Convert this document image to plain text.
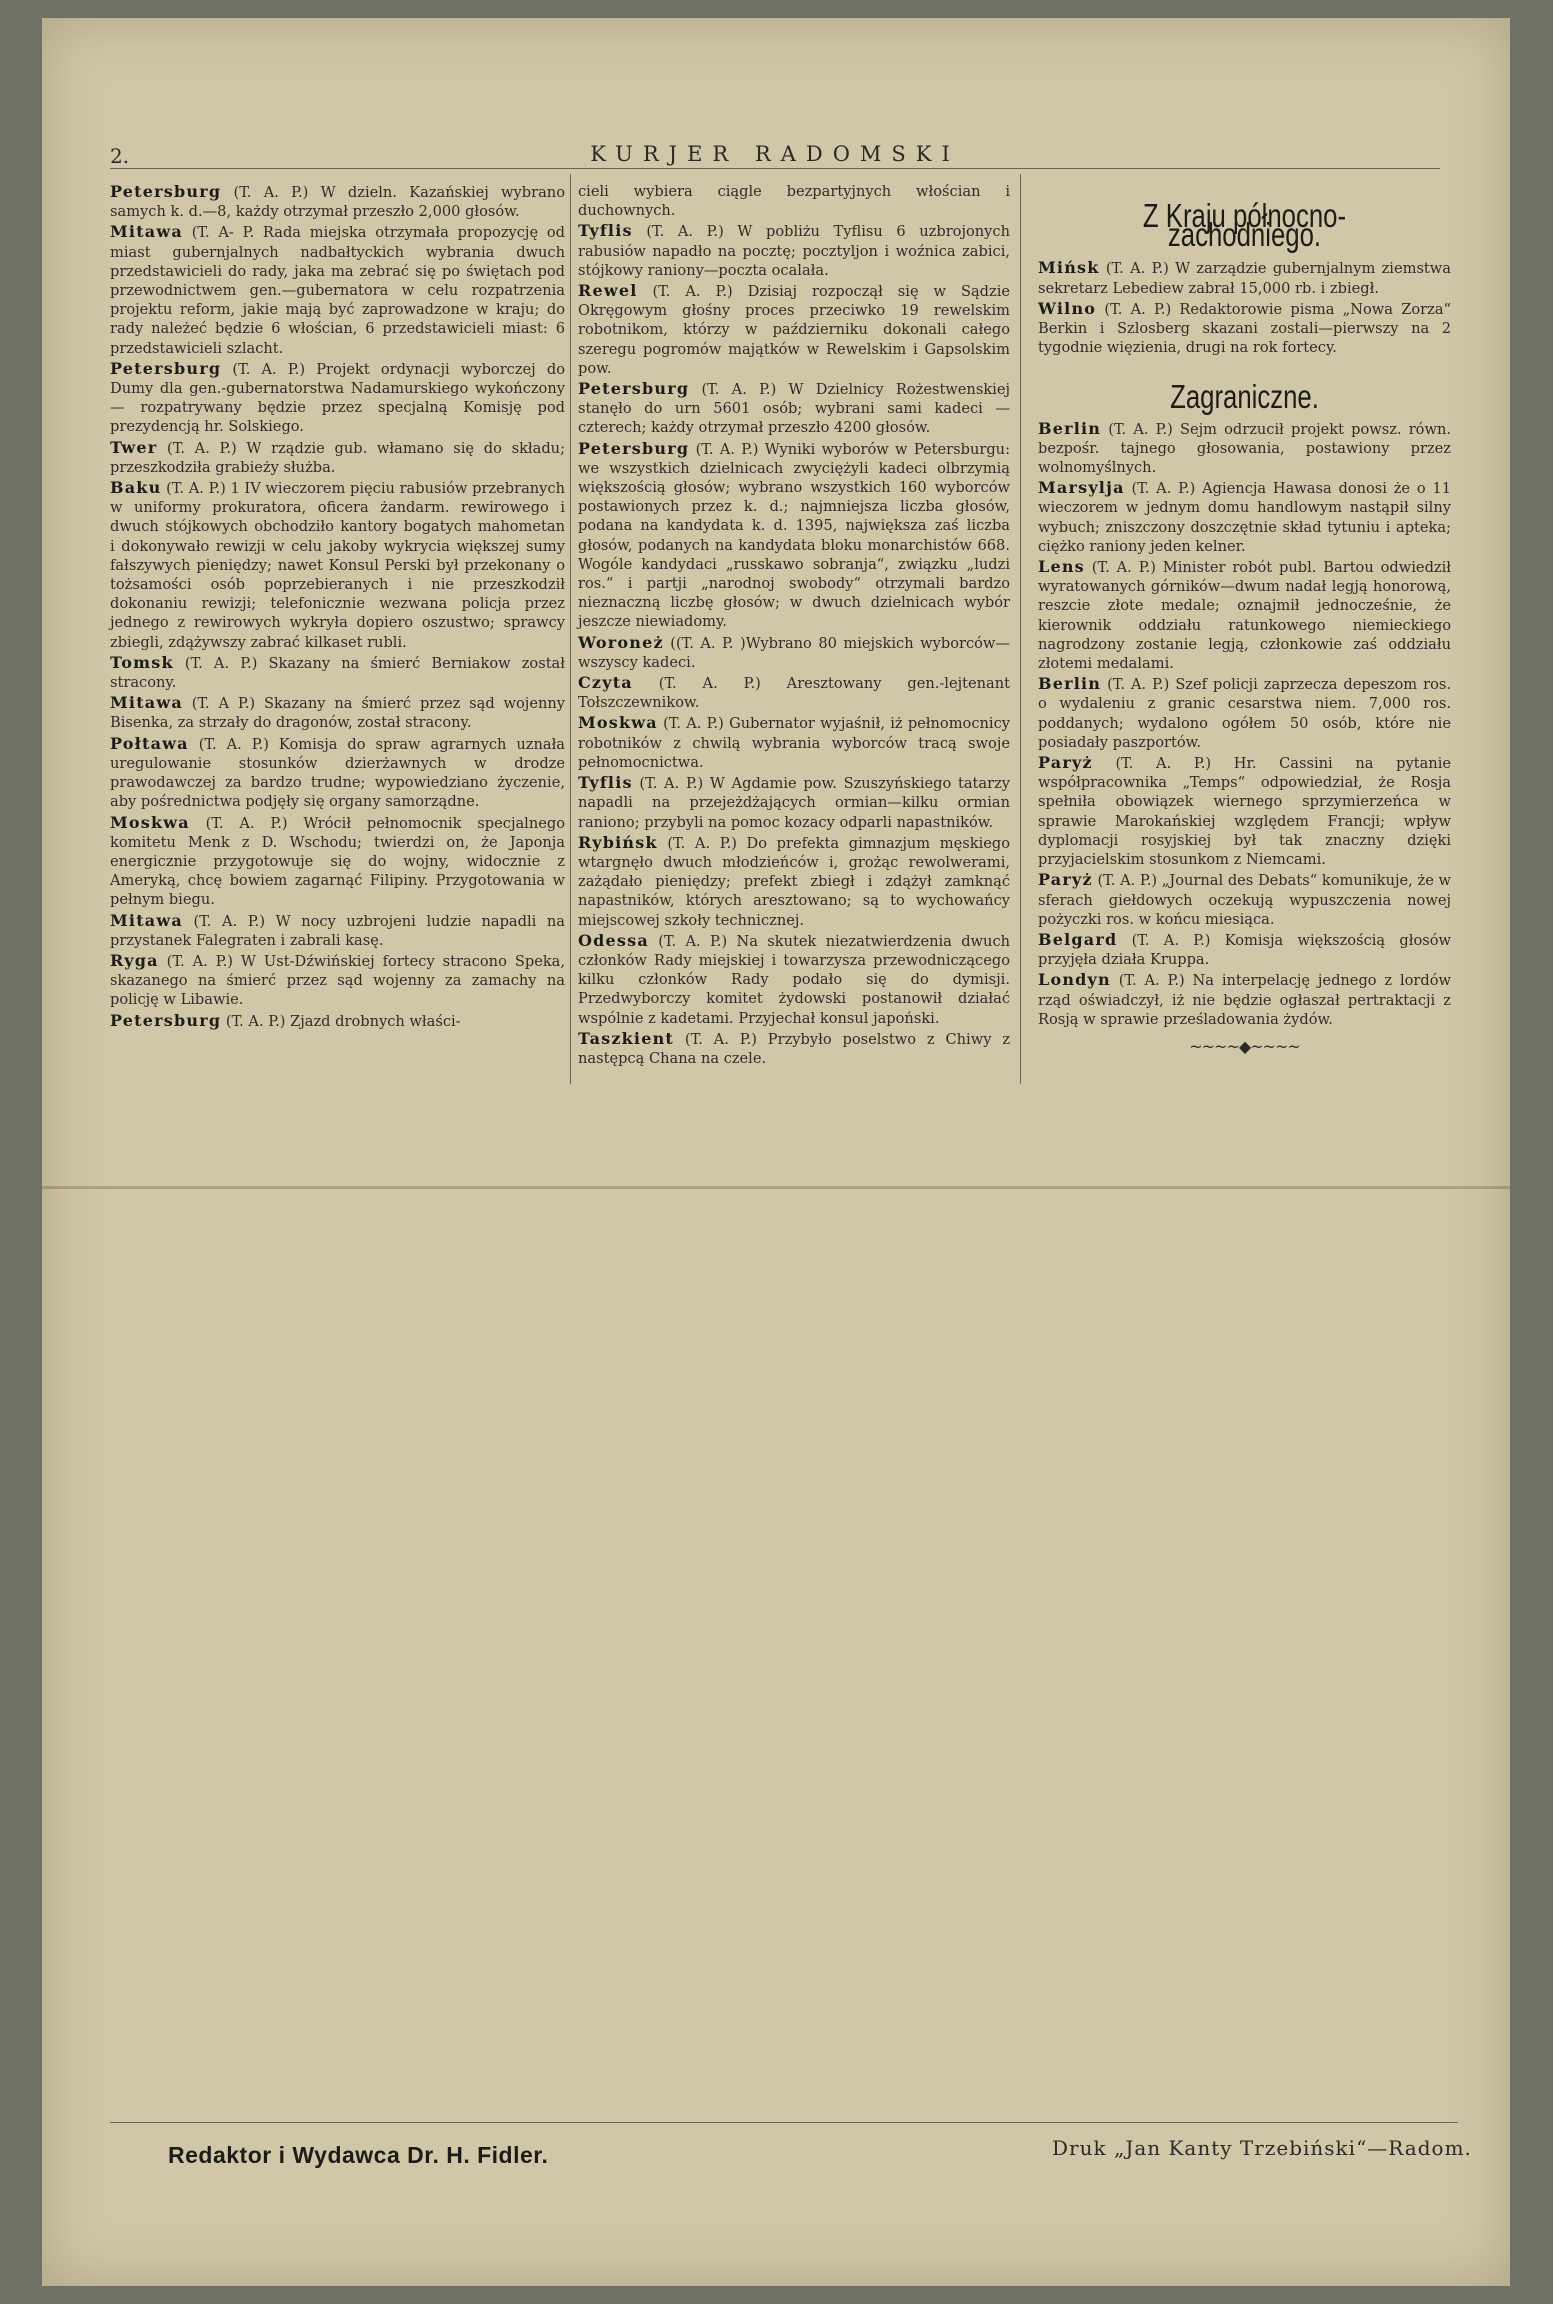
2.	KURJER RADOMSKI
Petersburg (T. A. P.) W dzieln. Kazańskiej wybrano samych k. d.—8, każdy otrzymał przeszło 2,000 głosów.
Mitawa (T. A- P. Rada miejska otrzymała propozycję od miast gubernjalnych nadbałtyckich wybrania dwuch przedstawicieli do rady, jaka ma zebrać się po świętach pod przewodnictwem gen.—gubernatora w celu rozpatrzenia projektu reform, jakie mają być zaprowadzone w kraju; do rady należeć będzie 6 włościan, 6 przedstawicieli miast: 6 przedstawicieli szlacht.
Petersburg (T. A. P.) Projekt ordynacji wyborczej do Dumy dla gen.-gubernatorstwa Nadamurskiego wykończony — rozpatrywany będzie przez specjalną Komisję pod prezydencją hr. Solskiego.
Twer (T. A. P.) W rządzie gub. włamano się do składu; przeszkodziła grabieży służba.
Baku (T. A. P.) 1 IV wieczorem pięciu rabusiów przebranych w uniformy prokuratora, oficera żandarm. rewirowego i dwuch stójkowych obchodziło kantory bogatych mahometan i dokonywało rewizji w celu jakoby wykrycia większej sumy fałszywych pieniędzy; nawet Konsul Perski był przekonany o tożsamości osób poprzebieranych i nie przeszkodził dokonaniu rewizji; telefonicznie wezwana policja przez jednego z rewirowych wykryła dopiero oszustwo; sprawcy zbiegli, zdążywszy zabrać kilkaset rubli.
Tomsk (T. A. P.) Skazany na śmierć Berniakow został stracony.
Mitawa (T. A P.) Skazany na śmierć przez sąd wojenny Bisenka, za strzały do dragonów, został stracony.
Połtawa (T. A. P.) Komisja do spraw agrarnych uznała uregulowanie stosunków dzierżawnych w drodze prawodawczej za bardzo trudne; wypowiedziano życzenie, aby pośrednictwa podjęły się organy samorządne.
Moskwa (T. A. P.) Wrócił pełnomocnik specjalnego komitetu Menk z D. Wschodu; twierdzi on, że Japonja energicznie przygotowuje się do wojny, widocznie z Ameryką, chcę bowiem zagarnąć Filipiny. Przygotowania w pełnym biegu.
Mitawa (T. A. P.) W nocy uzbrojeni ludzie napadli na przystanek Falegraten i zabrali kasę.
Ryga (T. A. P.) W Ust-Dźwińskiej fortecy stracono Speka, skazanego na śmierć przez sąd wojenny za zamachy na policję w Libawie.
Petersburg (T. A. P.) Zjazd drobnych właści-
cieli wybiera ciągle bezpartyjnych włościan i duchownych.
Tyflis (T. A. P.) W pobliżu Tyflisu 6 uzbrojonych rabusiów napadło na pocztę; pocztyljon i woźnica zabici, stójkowy raniony—poczta ocalała.
Rewel (T. A. P.) Dzisiaj rozpoczął się w Sądzie Okręgowym głośny proces przeciwko 19 rewelskim robotnikom, którzy w październiku dokonali całego szeregu pogromów majątków w Rewelskim i Gapsolskim pow.
Petersburg (T. A. P.) W Dzielnicy Rożestwenskiej stanęło do urn 5601 osób; wybrani sami kadeci —czterech; każdy otrzymał przeszło 4200 głosów.
Petersburg (T. A. P.) Wyniki wyborów w Petersburgu: we wszystkich dzielnicach zwyciężyli kadeci olbrzymią większością głosów; wybrano wszystkich 160 wyborców postawionych przez k. d.; najmniejsza liczba głosów, podana na kandydata k. d. 1395, największa zaś liczba głosów, podanych na kandydata bloku monarchistów 668. Wogóle kandydaci „russkawo sobranja“, związku „ludzi ros.“ i partji „narodnoj swobody“ otrzymali bardzo nieznaczną liczbę głosów; w dwuch dzielnicach wybór jeszcze niewiadomy.
Woroneż ((T. A. P. )Wybrano 80 miejskich wyborców—wszyscy kadeci.
Czyta (T. A. P.) Aresztowany gen.-lejtenant Tołszczewnikow.
Moskwa (T. A. P.) Gubernator wyjaśnił, iż pełnomocnicy robotników z chwilą wybrania wyborców tracą swoje pełnomocnictwa.
Tyflis (T. A. P.) W Agdamie pow. Szuszyńskiego tatarzy napadli na przejeżdżających ormian—kilku ormian raniono; przybyli na pomoc kozacy odparli napastników.
Rybińsk (T. A. P.) Do prefekta gimnazjum męskiego wtargnęło dwuch młodzieńców i, grożąc rewolwerami, zażądało pieniędzy; prefekt zbiegł i zdążył zamknąć napastników, których aresztowano; są to wychowańcy miejscowej szkoły technicznej.
Odessa (T. A. P.) Na skutek niezatwierdzenia dwuch członków Rady miejskiej i towarzysza przewodniczącego kilku członków Rady podało się do dymisji. Przedwyborczy komitet żydowski postanowił działać wspólnie z kadetami. Przyjechał konsul japoński.
Taszkient (T. A. P.) Przybyło poselstwo z Chiwy z następcą Chana na czele.
Z Kraju północno-zachodniego.
Mińsk (T. A. P.) W zarządzie gubernjalnym ziemstwa sekretarz Lebediew zabrał 15,000 rb. i zbiegł.
Wilno (T. A. P.) Redaktorowie pisma „Nowa Zorza“ Berkin i Szlosberg skazani zostali—pierwszy na 2 tygodnie więzienia, drugi na rok fortecy.
Zagraniczne.
Berlin (T. A. P.) Sejm odrzucił projekt powsz. równ. bezpośr. tajnego głosowania, postawiony przez wolnomyślnych.
Marsylja (T. A. P.) Agiencja Hawasa donosi że o 11 wieczorem w jednym domu handlowym nastąpił silny wybuch; zniszczony doszczętnie skład tytuniu i apteka; ciężko raniony jeden kelner.
Lens (T. A. P.) Minister robót publ. Bartou odwiedził wyratowanych górników—dwum nadał legją honorową, reszcie złote medale; oznajmił jednocześnie, że kierownik oddziału ratunkowego niemieckiego nagrodzony zostanie legją, członkowie zaś oddziału złotemi medalami.
Berlin (T. A. P.) Szef policji zaprzecza depeszom ros. o wydaleniu z granic cesarstwa niem. 7,000 ros. poddanych; wydalono ogółem 50 osób, które nie posiadały paszportów.
Paryż (T. A. P.) Hr. Cassini na pytanie współpracownika „Temps“ odpowiedział, że Rosja spełniła obowiązek wiernego sprzymierzeńca w sprawie Marokańskiej względem Francji; wpływ dyplomacji rosyjskiej był tak znaczny dzięki przyjacielskim stosunkom z Niemcami.
Paryż (T. A. P.) „Journal des Debats“ komunikuje, że w sferach giełdowych oczekują wypuszczenia nowej pożyczki ros. w końcu miesiąca.
Belgard (T. A. P.) Komisja większością głosów przyjęła działa Kruppa.
Londyn (T. A. P.) Na interpelację jednego z lordów rząd oświadczył, iż nie będzie ogłaszał pertraktacji z Rosją w sprawie prześladowania żydów.
~~~~◆~~~~
Redaktor i Wydawca Dr. H. Fidler.	Druk „Jan Kanty Trzebiński“—Radom.
